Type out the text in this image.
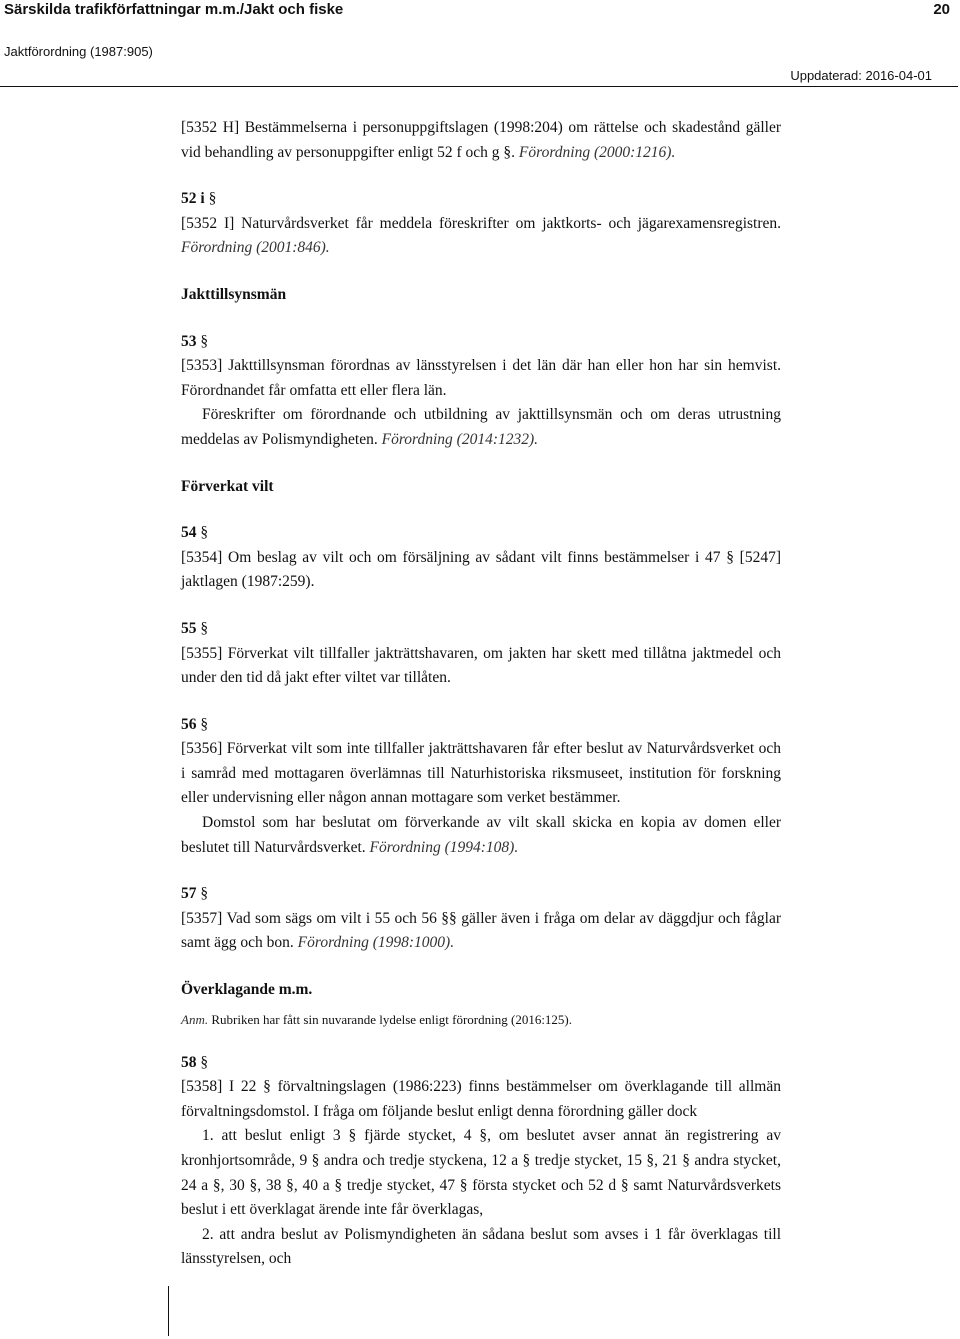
Särskilda trafikförfattningar m.m./Jakt och fiske	20
Jaktförordning (1987:905)
Uppdaterad: 2016-04-01

[5352 H] Bestämmelserna i personuppgiftslagen (1998:204) om rättelse och skadestånd gäller vid behandling av personuppgifter enligt 52 f och g §. Förordning (2000:1216).

52 i §

[5352 I] Naturvårdsverket får meddela föreskrifter om jaktkorts- och jägarexamensregistren. Förordning (2001:846).

Jakttillsynsmän

53 §

[5353] Jakttillsynsman förordnas av länsstyrelsen i det län där han eller hon har sin hemvist. Förordnandet får omfatta ett eller flera län.

Föreskrifter om förordnande och utbildning av jakttillsynsmän och om deras utrustning meddelas av Polismyndigheten. Förordning (2014:1232).

Förverkat vilt

54 §

[5354] Om beslag av vilt och om försäljning av sådant vilt finns bestämmelser i 47 § [5247] jaktlagen (1987:259).

55 §

[5355] Förverkat vilt tillfaller jakträttshavaren, om jakten har skett med tillåtna jaktmedel och under den tid då jakt efter viltet var tillåten.

56 §

[5356] Förverkat vilt som inte tillfaller jakträttshavaren får efter beslut av Naturvårdsverket och i samråd med mottagaren överlämnas till Naturhistoriska riksmuseet, institution för forskning eller undervisning eller någon annan mottagare som verket bestämmer.

Domstol som har beslutat om förverkande av vilt skall skicka en kopia av domen eller beslutet till Naturvårdsverket. Förordning (1994:108).

57 §

[5357] Vad som sägs om vilt i 55 och 56 §§ gäller även i fråga om delar av däggdjur och fåglar samt ägg och bon. Förordning (1998:1000).

Överklagande m.m.

Anm. Rubriken har fått sin nuvarande lydelse enligt förordning (2016:125).

58 §

[5358] I 22 § förvaltningslagen (1986:223) finns bestämmelser om överklagande till allmän förvaltningsdomstol. I fråga om följande beslut enligt denna förordning gäller dock

1. att beslut enligt 3 § fjärde stycket, 4 §, om beslutet avser annat än registrering av kronhjortsområde, 9 § andra och tredje styckena, 12 a § tredje stycket, 15 §, 21 § andra stycket, 24 a §, 30 §, 38 §, 40 a § tredje stycket, 47 § första stycket och 52 d § samt Naturvårdsverkets beslut i ett överklagat ärende inte får överklagas,

2. att andra beslut av Polismyndigheten än sådana beslut som avses i 1 får överklagas till länsstyrelsen, och
